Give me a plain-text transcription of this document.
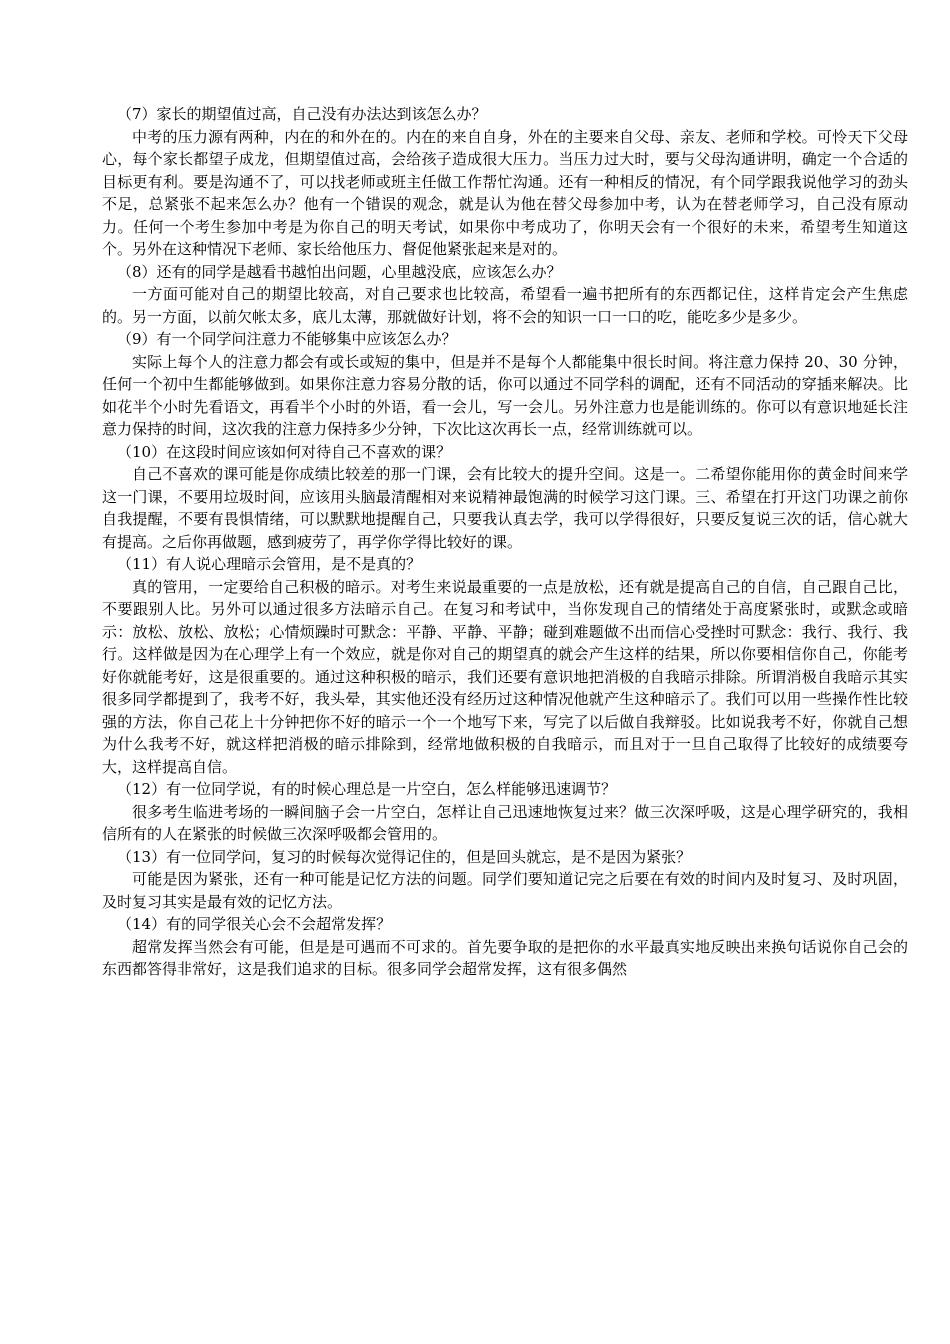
（7）家长的期望值过高，自己没有办法达到该怎么办？

中考的压力源有两种，内在的和外在的。内在的来自自身，外在的主要来自父母、亲友、老师和学校。可怜天下父母心，每个家长都望子成龙，但期望值过高，会给孩子造成很大压力。当压力过大时，要与父母沟通讲明，确定一个合适的目标更有利。要是沟通不了，可以找老师或班主任做工作帮忙沟通。还有一种相反的情况，有个同学跟我说他学习的劲头不足，总紧张不起来怎么办？他有一个错误的观念，就是认为他在替父母参加中考，认为在替老师学习，自己没有原动力。任何一个考生参加中考是为你自己的明天考试，如果你中考成功了，你明天会有一个很好的未来，希望考生知道这个。另外在这种情况下老师、家长给他压力、督促他紧张起来是对的。

（8）还有的同学是越看书越怕出问题，心里越没底，应该怎么办？

一方面可能对自己的期望比较高，对自己要求也比较高，希望看一遍书把所有的东西都记住，这样肯定会产生焦虑的。另一方面，以前欠帐太多，底儿太薄，那就做好计划，将不会的知识一口一口的吃，能吃多少是多少。

（9）有一个同学问注意力不能够集中应该怎么办？

实际上每个人的注意力都会有或长或短的集中，但是并不是每个人都能集中很长时间。将注意力保持 20、30 分钟，任何一个初中生都能够做到。如果你注意力容易分散的话，你可以通过不同学科的调配，还有不同活动的穿插来解决。比如花半个小时先看语文，再看半个小时的外语，看一会儿，写一会儿。另外注意力也是能训练的。你可以有意识地延长注意力保持的时间，这次我的注意力保持多少分钟，下次比这次再长一点，经常训练就可以。

（10）在这段时间应该如何对待自己不喜欢的课？

自己不喜欢的课可能是你成绩比较差的那一门课，会有比较大的提升空间。这是一。二希望你能用你的黄金时间来学这一门课，不要用垃圾时间，应该用头脑最清醒相对来说精神最饱满的时候学习这门课。三、希望在打开这门功课之前你自我提醒，不要有畏惧情绪，可以默默地提醒自己，只要我认真去学，我可以学得很好，只要反复说三次的话，信心就大有提高。之后你再做题，感到疲劳了，再学你学得比较好的课。

（11）有人说心理暗示会管用，是不是真的？

真的管用，一定要给自己积极的暗示。对考生来说最重要的一点是放松，还有就是提高自己的自信，自己跟自己比，不要跟别人比。另外可以通过很多方法暗示自己。在复习和考试中，当你发现自己的情绪处于高度紧张时，或默念或暗示：放松、放松、放松；心情烦躁时可默念：平静、平静、平静；碰到难题做不出而信心受挫时可默念：我行、我行、我行。这样做是因为在心理学上有一个效应，就是你对自己的期望真的就会产生这样的结果，所以你要相信你自己，你能考好你就能考好，这是很重要的。通过这种积极的暗示，我们还要有意识地把消极的自我暗示排除。所谓消极自我暗示其实很多同学都提到了，我考不好，我头晕，其实他还没有经历过这种情况他就产生这种暗示了。我们可以用一些操作性比较强的方法，你自己花上十分钟把你不好的暗示一个一个地写下来，写完了以后做自我辩驳。比如说我考不好，你就自己想为什么我考不好，就这样把消极的暗示排除到，经常地做积极的自我暗示，而且对于一旦自己取得了比较好的成绩要夸大，这样提高自信。

（12）有一位同学说，有的时候心理总是一片空白，怎么样能够迅速调节？

很多考生临进考场的一瞬间脑子会一片空白，怎样让自己迅速地恢复过来？做三次深呼吸，这是心理学研究的，我相信所有的人在紧张的时候做三次深呼吸都会管用的。

（13）有一位同学问，复习的时候每次觉得记住的，但是回头就忘，是不是因为紧张？

可能是因为紧张，还有一种可能是记忆方法的问题。同学们要知道记完之后要在有效的时间内及时复习、及时巩固，及时复习其实是最有效的记忆方法。

（14）有的同学很关心会不会超常发挥？

超常发挥当然会有可能，但是是可遇而不可求的。首先要争取的是把你的水平最真实地反映出来换句话说你自己会的东西都答得非常好，这是我们追求的目标。很多同学会超常发挥，这有很多偶然
